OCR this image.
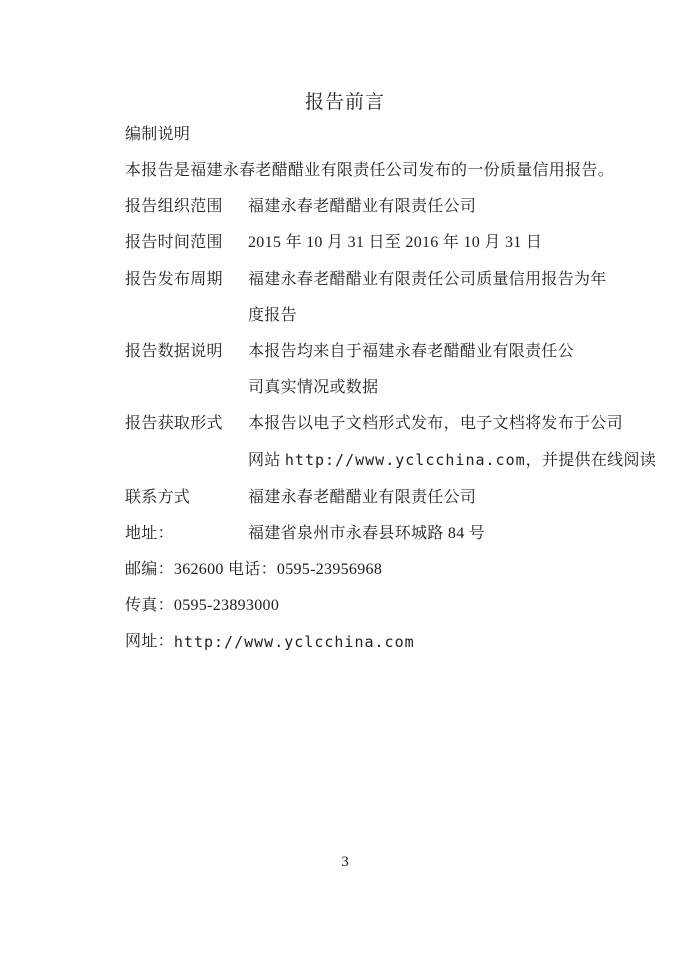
报告前言
编制说明
本报告是福建永春老醋醋业有限责任公司发布的一份质量信用报告。
报告组织范围	福建永春老醋醋业有限责任公司
报告时间范围	2015 年 10 月 31 日至 2016 年 10 月 31 日
报告发布周期	福建永春老醋醋业有限责任公司质量信用报告为年
度报告
报告数据说明	本报告均来自于福建永春老醋醋业有限责任公
司真实情况或数据
报告获取形式	本报告以电子文档形式发布，电子文档将发布于公司
网站 http://www.yclcchina.com，并提供在线阅读
联系方式	福建永春老醋醋业有限责任公司
地址：	福建省泉州市永春县环城路 84 号
邮编：362600 电话：0595-23956968
传真：0595-23893000
网址： http://www.yclcchina.com
3
